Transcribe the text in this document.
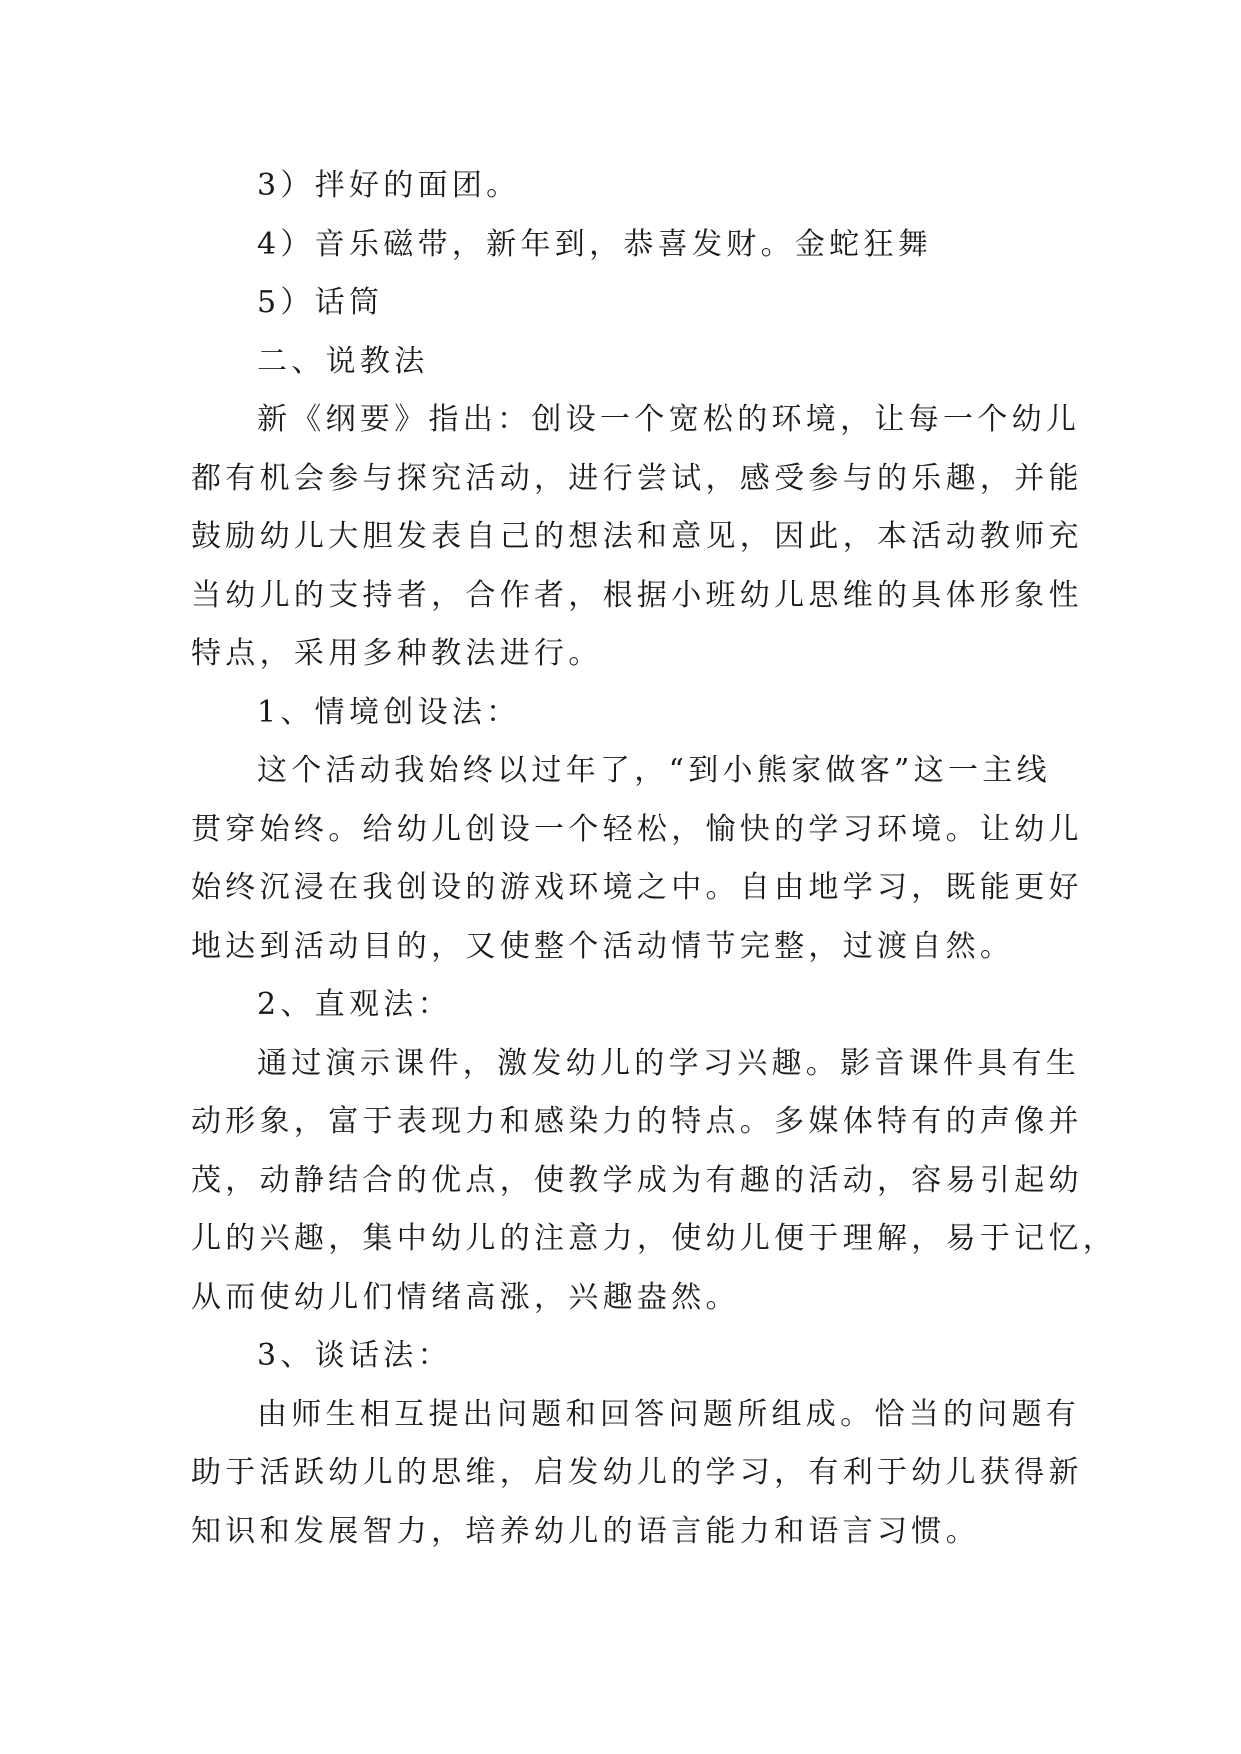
3）拌好的面团。

4）音乐磁带，新年到，恭喜发财。金蛇狂舞

5）话筒

二、说教法

新《纲要》指出：创设一个宽松的环境，让每一个幼儿

都有机会参与探究活动，进行尝试，感受参与的乐趣，并能

鼓励幼儿大胆发表自己的想法和意见，因此，本活动教师充

当幼儿的支持者，合作者，根据小班幼儿思维的具体形象性

特点，采用多种教法进行。

1、情境创设法：

这个活动我始终以过年了，“到小熊家做客”这一主线

贯穿始终。给幼儿创设一个轻松，愉快的学习环境。让幼儿

始终沉浸在我创设的游戏环境之中。自由地学习，既能更好

地达到活动目的，又使整个活动情节完整，过渡自然。

2、直观法：

通过演示课件，激发幼儿的学习兴趣。影音课件具有生

动形象，富于表现力和感染力的特点。多媒体特有的声像并

茂，动静结合的优点，使教学成为有趣的活动，容易引起幼

儿的兴趣，集中幼儿的注意力，使幼儿便于理解，易于记忆，

从而使幼儿们情绪高涨，兴趣盎然。

3、谈话法：

由师生相互提出问题和回答问题所组成。恰当的问题有

助于活跃幼儿的思维，启发幼儿的学习，有利于幼儿获得新

知识和发展智力，培养幼儿的语言能力和语言习惯。
